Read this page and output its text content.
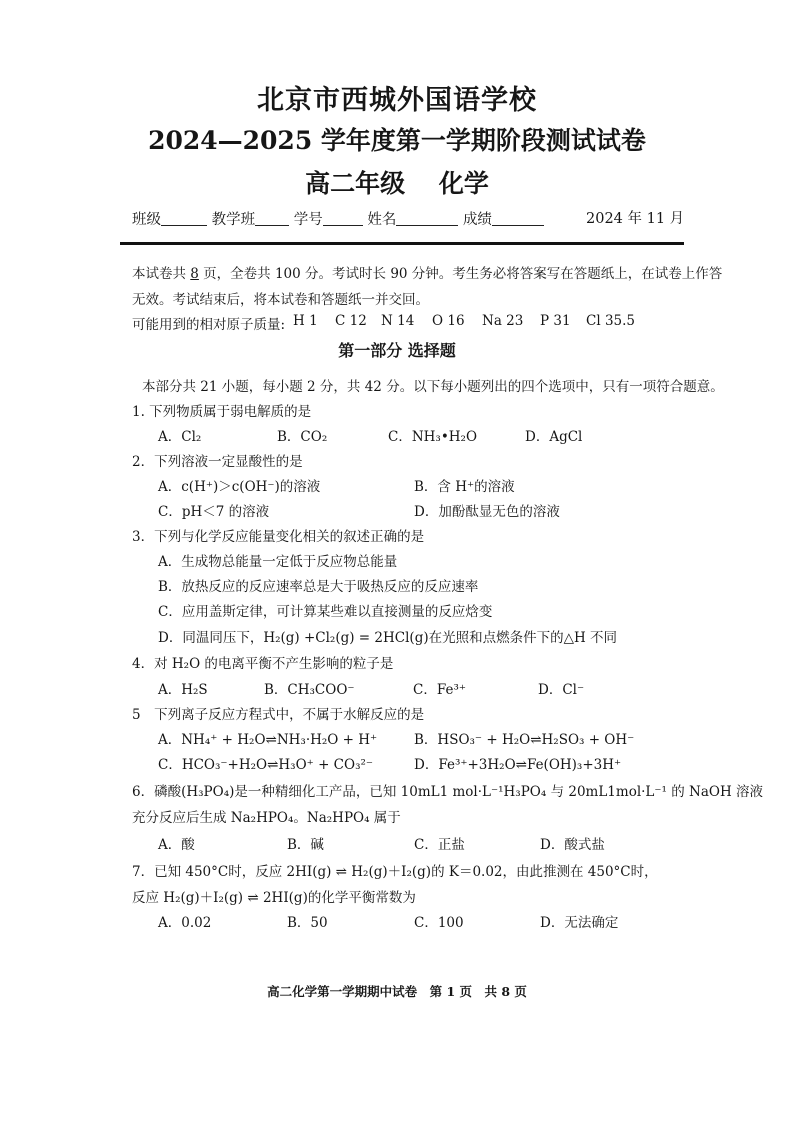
北京市西城外国语学校
2024—2025 学年度第一学期阶段测试试卷
高二年级　 化学
班级	教学班	学号	姓名	成绩	2024 年 11 月
本试卷共 8 页，全卷共 100 分。考试时长 90 分钟。考生务必将答案写在答题纸上，在试卷上作答
无效。考试结束后，将本试卷和答题纸一并交回。
可能用到的相对原子质量: H 1 C 12 N 14 O 16 Na 23 P 31 Cl 35.5
第一部分 选择题
本部分共 21 小题，每小题 2 分，共 42 分。以下每小题列出的四个选项中，只有一项符合题意。
1. 下列物质属于弱电解质的是
A．Cl₂	B．CO₂	C．NH₃•H₂O	D．AgCl
2．下列溶液一定显酸性的是
A．c(H⁺)＞c(OH⁻)的溶液	B．含 H⁺的溶液
C．pH＜7 的溶液	D．加酚酞显无色的溶液
3．下列与化学反应能量变化相关的叙述正确的是
A．生成物总能量一定低于反应物总能量
B．放热反应的反应速率总是大于吸热反应的反应速率
C．应用盖斯定律，可计算某些难以直接测量的反应焓变
D．同温同压下，H₂(g) +Cl₂(g) = 2HCl(g)在光照和点燃条件下的△H 不同
4．对 H₂O 的电离平衡不产生影响的粒子是
A．H₂S	B．CH₃COO⁻	C．Fe³⁺	D．Cl⁻
5　下列离子反应方程式中，不属于水解反应的是
A．NH₄⁺ + H₂O⇌NH₃·H₂O + H⁺	B．HSO₃⁻ + H₂O⇌H₂SO₃ + OH⁻
C．HCO₃⁻+H₂O⇌H₃O⁺ + CO₃²⁻	D．Fe³⁺+3H₂O⇌Fe(OH)₃+3H⁺
6．磷酸(H₃PO₄)是一种精细化工产品，已知 10mL1 mol·L⁻¹H₃PO₄ 与 20mL1mol·L⁻¹ 的 NaOH 溶液
充分反应后生成 Na₂HPO₄。Na₂HPO₄ 属于
A．酸	B．碱	C．正盐	D．酸式盐
7．已知 450°C时，反应 2HI(g) ⇌ H₂(g)＋I₂(g)的 K＝0.02，由此推测在 450°C时，
反应 H₂(g)＋I₂(g) ⇌ 2HI(g)的化学平衡常数为
A．0.02	B．50	C．100	D．无法确定
高二化学第一学期期中试卷　第 1 页　共 8 页
